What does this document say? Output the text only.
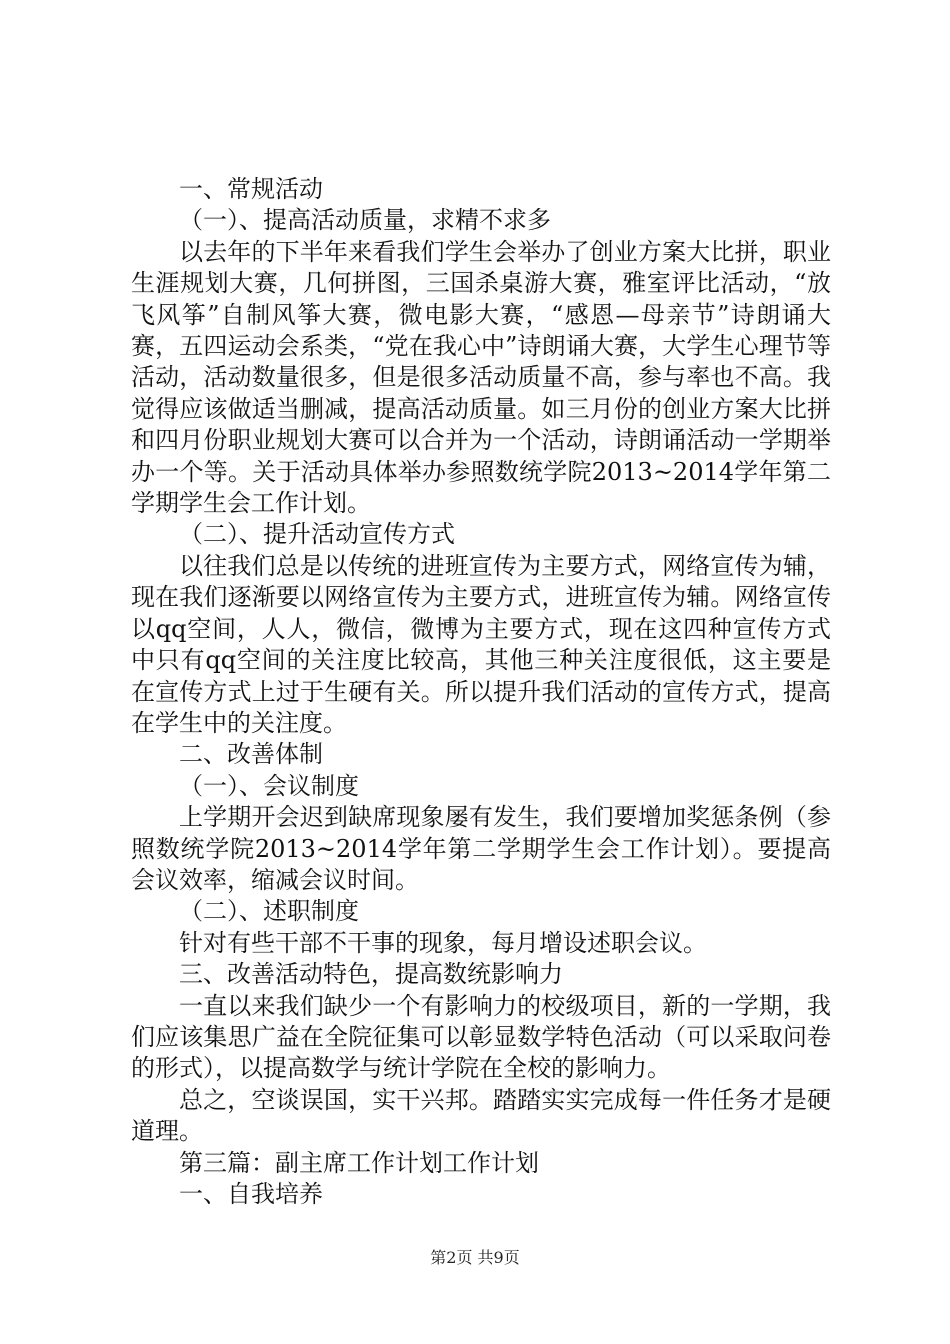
一、常规活动

（一）、提高活动质量，求精不求多

以去年的下半年来看我们学生会举办了创业方案大比拼，职业生涯规划大赛，几何拼图，三国杀桌游大赛，雅室评比活动，“放飞风筝”自制风筝大赛，微电影大赛，“感恩—母亲节”诗朗诵大赛，五四运动会系类，“党在我心中”诗朗诵大赛，大学生心理节等活动，活动数量很多，但是很多活动质量不高，参与率也不高。我觉得应该做适当删减，提高活动质量。如三月份的创业方案大比拼和四月份职业规划大赛可以合并为一个活动，诗朗诵活动一学期举办一个等。关于活动具体举办参照数统学院2013~2014学年第二学期学生会工作计划。

（二）、提升活动宣传方式

以往我们总是以传统的进班宣传为主要方式，网络宣传为辅，现在我们逐渐要以网络宣传为主要方式，进班宣传为辅。网络宣传以qq空间，人人，微信，微博为主要方式，现在这四种宣传方式中只有qq空间的关注度比较高，其他三种关注度很低，这主要是在宣传方式上过于生硬有关。所以提升我们活动的宣传方式，提高在学生中的关注度。

二、改善体制

（一）、会议制度

上学期开会迟到缺席现象屡有发生，我们要增加奖惩条例（参照数统学院2013~2014学年第二学期学生会工作计划）。要提高会议效率，缩减会议时间。

（二）、述职制度

针对有些干部不干事的现象，每月增设述职会议。

三、改善活动特色，提高数统影响力

一直以来我们缺少一个有影响力的校级项目，新的一学期，我们应该集思广益在全院征集可以彰显数学特色活动（可以采取问卷的形式），以提高数学与统计学院在全校的影响力。

总之，空谈误国，实干兴邦。踏踏实实完成每一件任务才是硬道理。

第三篇：副主席工作计划工作计划

一、自我培养

第2页 共9页
